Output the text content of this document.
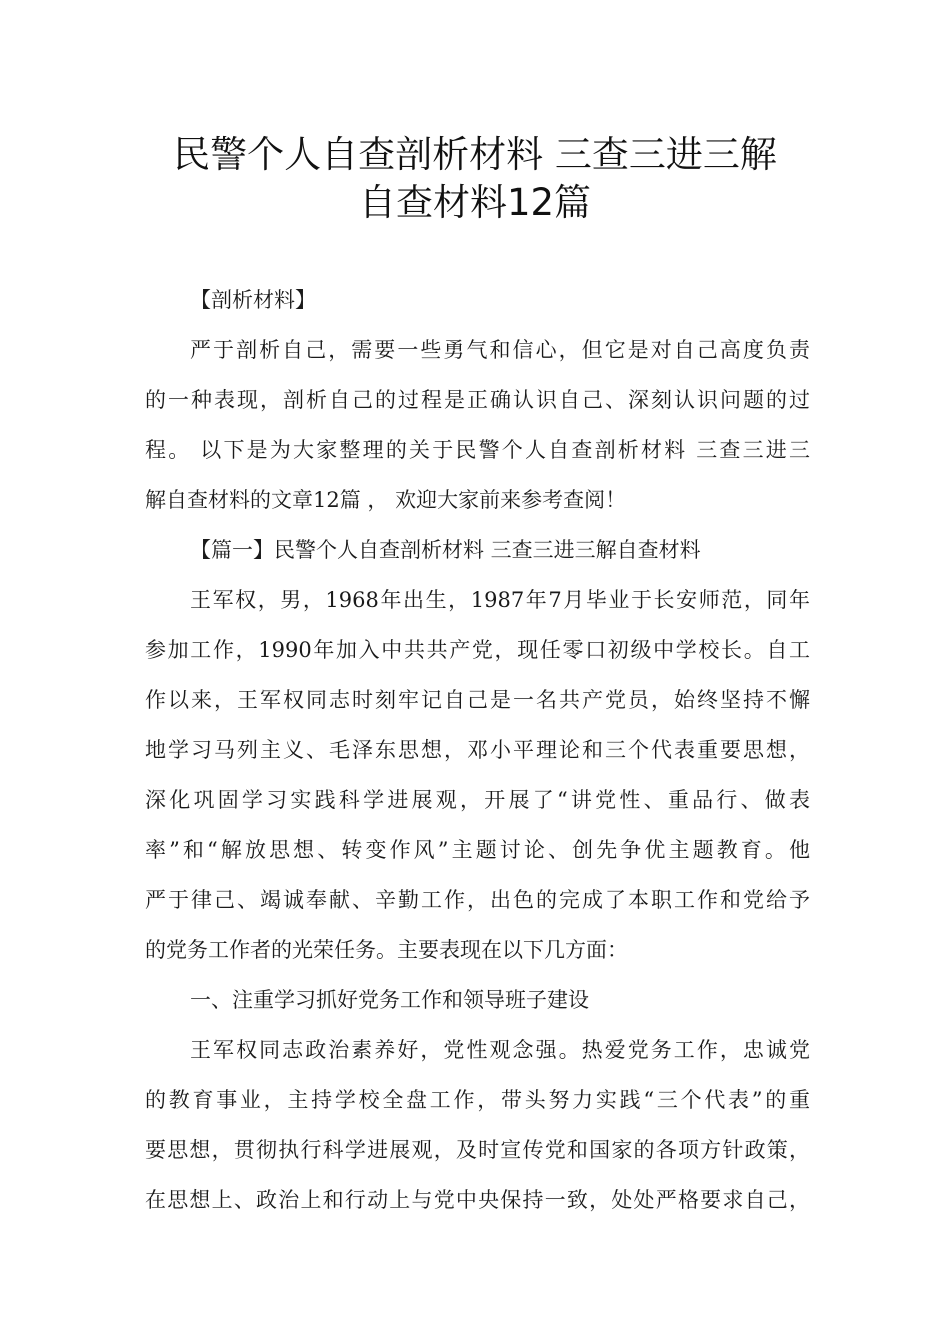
民警个人自查剖析材料 三查三进三解
自查材料12篇
【剖析材料】
严于剖析自己，需要一些勇气和信心，但它是对自己高度负责
的一种表现，剖析自己的过程是正确认识自己、深刻认识问题的过
程。 以下是为大家整理的关于民警个人自查剖析材料 三查三进三
解自查材料的文章12篇 ， 欢迎大家前来参考查阅！
【篇一】民警个人自查剖析材料 三查三进三解自查材料
王军权，男，1968年出生，1987年7月毕业于长安师范，同年
参加工作，1990年加入中共共产党，现任零口初级中学校长。自工
作以来，王军权同志时刻牢记自己是一名共产党员，始终坚持不懈
地学习马列主义、毛泽东思想，邓小平理论和三个代表重要思想，
深化巩固学习实践科学进展观，开展了“讲党性、重品行、做表
率”和“解放思想、转变作风”主题讨论、创先争优主题教育。他
严于律己、竭诚奉献、辛勤工作，出色的完成了本职工作和党给予
的党务工作者的光荣任务。主要表现在以下几方面：
一、注重学习抓好党务工作和领导班子建设
王军权同志政治素养好，党性观念强。热爱党务工作，忠诚党
的教育事业，主持学校全盘工作，带头努力实践“三个代表”的重
要思想，贯彻执行科学进展观，及时宣传党和国家的各项方针政策，
在思想上、政治上和行动上与党中央保持一致，处处严格要求自己，
